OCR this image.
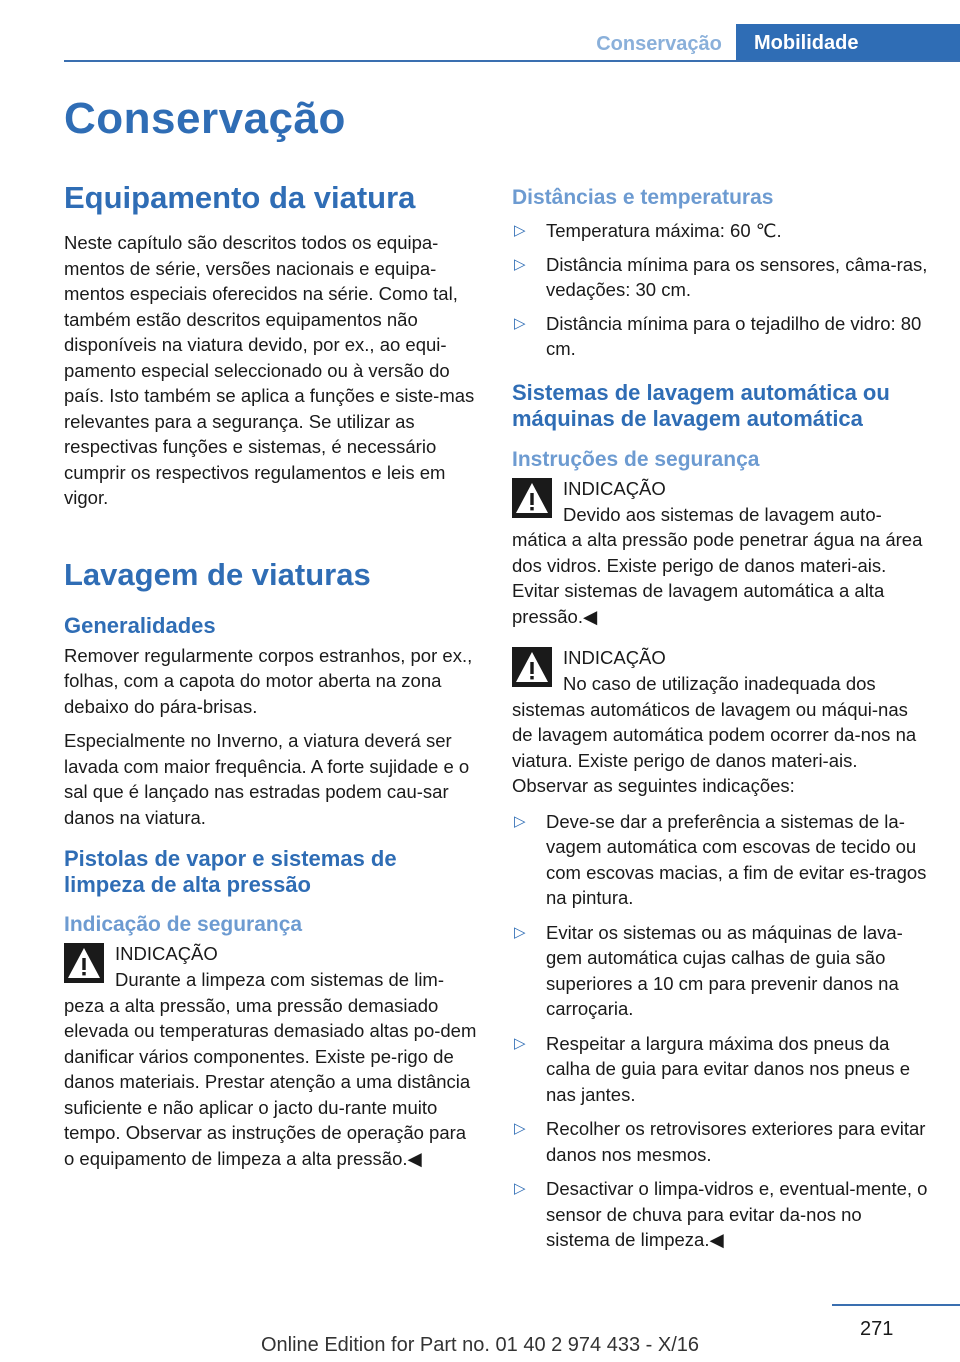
Conservação	Mobilidade
Conservação
Equipamento da viatura

Neste capítulo são descritos todos os equipa-mentos de série, versões nacionais e equipa-mentos especiais oferecidos na série. Como tal, também estão descritos equipamentos não disponíveis na viatura devido, por ex., ao equi-pamento especial seleccionado ou à versão do país. Isto também se aplica a funções e siste-mas relevantes para a segurança. Se utilizar as respectivas funções e sistemas, é necessário cumprir os respectivos regulamentos e leis em vigor.

Lavagem de viaturas
Generalidades

Remover regularmente corpos estranhos, por ex., folhas, com a capota do motor aberta na zona debaixo do pára-brisas.

Especialmente no Inverno, a viatura deverá ser lavada com maior frequência. A forte sujidade e o sal que é lançado nas estradas podem cau-sar danos na viatura.

Pistolas de vapor e sistemas de limpeza de alta pressão
Indicação de segurança
INDICAÇÃO
Durante a limpeza com sistemas de lim-

peza a alta pressão, uma pressão demasiado elevada ou temperaturas demasiado altas po-dem danificar vários componentes. Existe pe-rigo de danos materiais. Prestar atenção a uma distância suficiente e não aplicar o jacto du-rante muito tempo. Observar as instruções de operação para o equipamento de limpeza a alta pressão.◀

Distâncias e temperaturas
▷ Temperatura máxima: 60 ℃.
▷ Distância mínima para os sensores, câma-ras, vedações: 30 cm.
▷ Distância mínima para o tejadilho de vidro: 80 cm.
Sistemas de lavagem automática ou máquinas de lavagem automática
Instruções de segurança
INDICAÇÃO
Devido aos sistemas de lavagem auto-

mática a alta pressão pode penetrar água na área dos vidros. Existe perigo de danos materi-ais. Evitar sistemas de lavagem automática a alta pressão.◀

INDICAÇÃO
No caso de utilização inadequada dos

sistemas automáticos de lavagem ou máqui-nas de lavagem automática podem ocorrer da-nos na viatura. Existe perigo de danos materi-ais. Observar as seguintes indicações:

▷ Deve-se dar a preferência a sistemas de la-vagem automática com escovas de tecido ou com escovas macias, a fim de evitar es-tragos na pintura.
▷ Evitar os sistemas ou as máquinas de lava-gem automática cujas calhas de guia são superiores a 10 cm para prevenir danos na carroçaria.
▷ Respeitar a largura máxima dos pneus da calha de guia para evitar danos nos pneus e nas jantes.
▷ Recolher os retrovisores exteriores para evitar danos nos mesmos.
▷ Desactivar o limpa-vidros e, eventual-mente, o sensor de chuva para evitar da-nos no sistema de limpeza.◀
271
Online Edition for Part no. 01 40 2 974 433 - X/16
